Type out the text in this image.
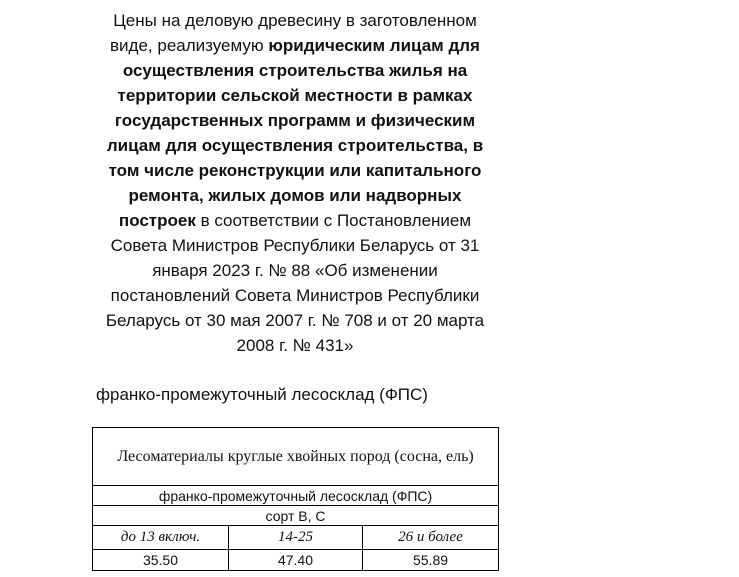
Цены на деловую древесину в заготовленном виде, реализуемую юридическим лицам для осуществления строительства жилья на территории сельской местности в рамках государственных программ и физическим лицам для осуществления строительства, в том числе реконструкции или капитального ремонта, жилых домов или надворных построек в соответствии с Постановлением Совета Министров Республики Беларусь от 31 января 2023 г. № 88 «Об изменении постановлений Совета Министров Республики Беларусь от 30 мая 2007 г. № 708 и от 20 марта 2008 г. № 431»

франко-промежуточный лесосклад (ФПС)

Лесоматериалы круглые хвойных пород (сосна, ель)		
франко-промежуточный лесосклад (ФПС)		
сорт В, С		
до 13 включ.	14-25	26 и более
35.50	47.40	55.89
